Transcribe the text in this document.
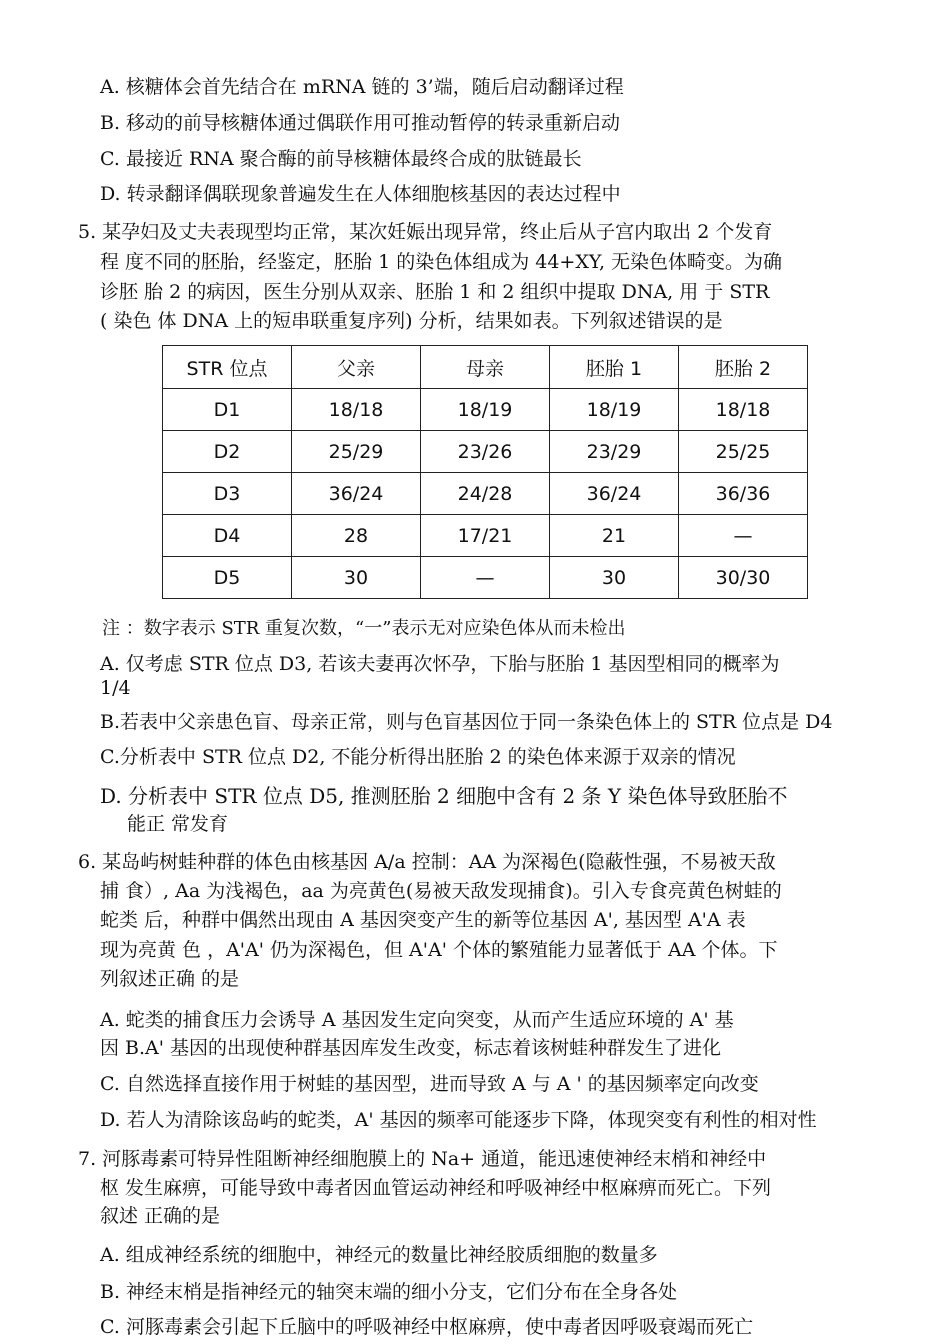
A. 核糖体会首先结合在 mRNA 链的 3’端，随后启动翻译过程
B. 移动的前导核糖体通过偶联作用可推动暂停的转录重新启动
C. 最接近 RNA 聚合酶的前导核糖体最终合成的肽链最长
D. 转录翻译偶联现象普遍发生在人体细胞核基因的表达过程中
5. 某孕妇及丈夫表现型均正常，某次妊娠出现异常，终止后从子宫内取出 2 个发育
程 度不同的胚胎，经鉴定，胚胎 1 的染色体组成为 44+XY, 无染色体畸变。为确
诊胚 胎 2 的病因，医生分别从双亲、胚胎 1 和 2 组织中提取 DNA, 用 于 STR
( 染色 体 DNA 上的短串联重复序列) 分析，结果如表。下列叙述错误的是
STR 位点	父亲	母亲	胚胎 1	胚胎 2
D1	18/18	18/19	18/19	18/18
D2	25/29	23/26	23/29	25/25
D3	36/24	24/28	36/24	36/36
D4	28	17/21	21	—
D5	30	—	30	30/30
注 ：数字表示 STR 重复次数，“一”表示无对应染色体从而未检出
A. 仅考虑 STR 位点 D3, 若该夫妻再次怀孕，下胎与胚胎 1 基因型相同的概率为
1/4
B.若表中父亲患色盲、母亲正常，则与色盲基因位于同一条染色体上的 STR 位点是 D4
C.分析表中 STR 位点 D2, 不能分析得出胚胎 2 的染色体来源于双亲的情况
D. 分析表中 STR 位点 D5, 推测胚胎 2 细胞中含有 2 条 Y 染色体导致胚胎不
能正 常发育
6. 某岛屿树蛙种群的体色由核基因 A/a 控制：AA 为深褐色(隐蔽性强，不易被天敌
捕 食）, Aa 为浅褐色，aa 为亮黄色(易被天敌发现捕食)。引入专食亮黄色树蛙的
蛇类 后，种群中偶然出现由 A 基因突变产生的新等位基因 A', 基因型 A'A 表
现为亮黄 色 ，A'A' 仍为深褐色，但 A'A' 个体的繁殖能力显著低于 AA 个体。下
列叙述正确 的是
A. 蛇类的捕食压力会诱导 A 基因发生定向突变，从而产生适应环境的 A' 基
因 B.A' 基因的出现使种群基因库发生改变，标志着该树蛙种群发生了进化
C. 自然选择直接作用于树蛙的基因型，进而导致 A 与 A ' 的基因频率定向改变
D. 若人为清除该岛屿的蛇类，A' 基因的频率可能逐步下降，体现突变有利性的相对性
7. 河豚毒素可特异性阻断神经细胞膜上的 Na+ 通道，能迅速使神经末梢和神经中
枢 发生麻痹，可能导致中毒者因血管运动神经和呼吸神经中枢麻痹而死亡。下列
叙述 正确的是
A. 组成神经系统的细胞中，神经元的数量比神经胶质细胞的数量多
B. 神经末梢是指神经元的轴突末端的细小分支，它们分布在全身各处
C. 河豚毒素会引起下丘脑中的呼吸神经中枢麻痹，使中毒者因呼吸衰竭而死亡
